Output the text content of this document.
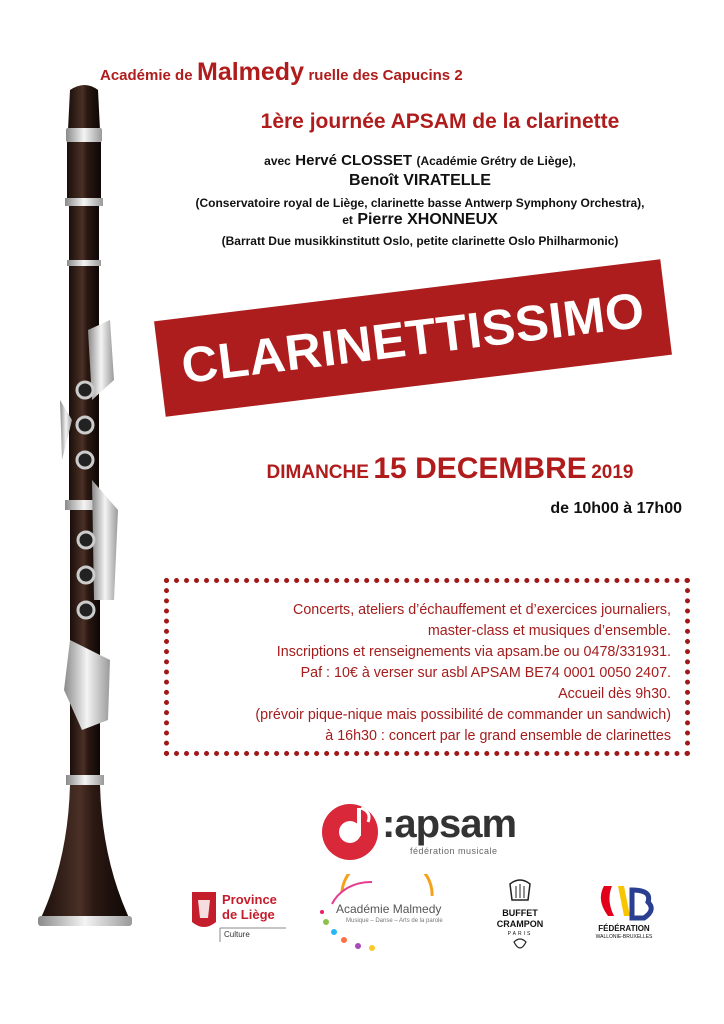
Académie de Malmedy ruelle des Capucins 2
1ère journée APSAM de la clarinette
avec Hervé CLOSSET (Académie Grétry de Liège),
Benoît VIRATELLE
(Conservatoire royal de Liège, clarinette basse Antwerp Symphony Orchestra),
et Pierre XHONNEUX
(Barratt Due musikkinstitutt Oslo, petite clarinette Oslo Philharmonic)
CLARINETTISSIMO
DIMANCHE 15 DECEMBRE 2019
de 10h00 à 17h00
Concerts, ateliers d’échauffement et d’exercices journaliers,
master-class et musiques d’ensemble.
Inscriptions et renseignements via apsam.be ou 0478/331931.
Paf : 10€ à verser sur asbl APSAM BE74 0001 0050 2407.
Accueil dès 9h30.
(prévoir pique-nique mais possibilité de commander un sandwich)
à 16h30 : concert par le grand ensemble de clarinettes
:apsam
fédération musicale
Province
de Liège
Culture
Académie Malmedy
Musique – Danse – Arts de la parole
BUFFET
CRAMPON
PARIS
FÉDÉRATION
WALLONIE-BRUXELLES
